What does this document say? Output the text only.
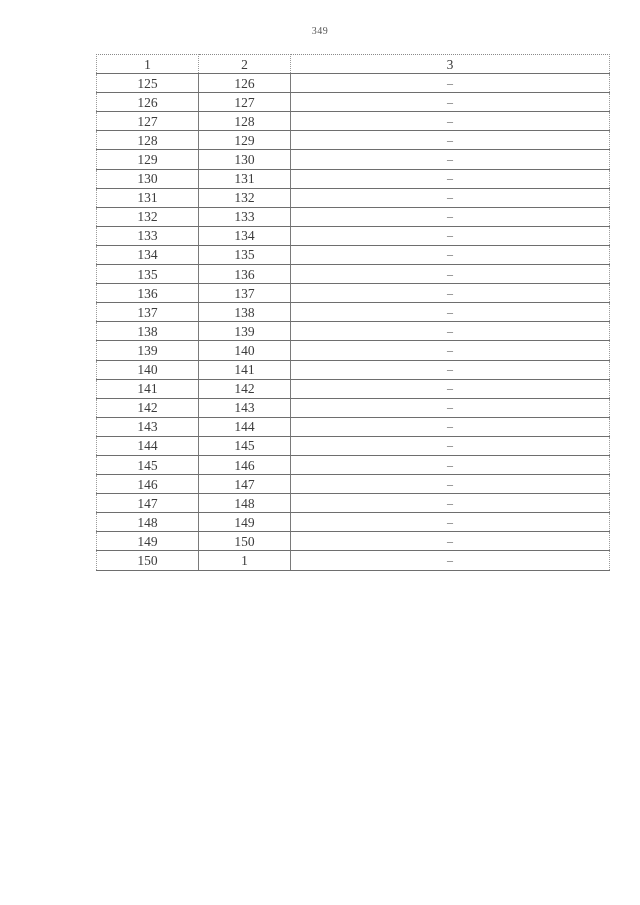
349
1	2	3
125	126	–
126	127	–
127	128	–
128	129	–
129	130	–
130	131	–
131	132	–
132	133	–
133	134	–
134	135	–
135	136	–
136	137	–
137	138	–
138	139	–
139	140	–
140	141	–
141	142	–
142	143	–
143	144	–
144	145	–
145	146	–
146	147	–
147	148	–
148	149	–
149	150	–
150	1	–
